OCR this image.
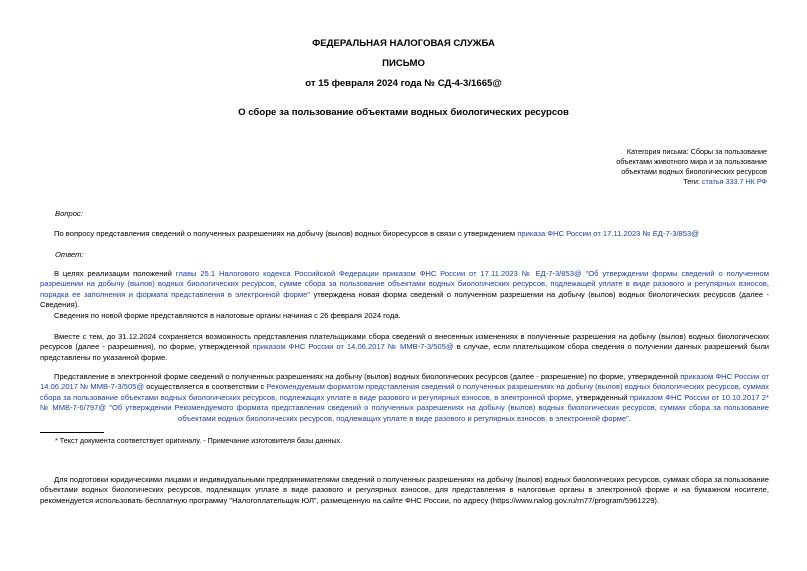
ФЕДЕРАЛЬНАЯ НАЛОГОВАЯ СЛУЖБА
ПИСЬМО
от 15 февраля 2024 года № СД-4-3/1665@
О сборе за пользование объектами водных биологических ресурсов
Категория письма: Сборы за пользование
объектами животного мира и за пользование
объектами водных биологических ресурсов
Теги: статья 333.7 НК РФ
Вопрос:
По вопросу представления сведений о полученных разрешениях на добычу (вылов) водных биоресурсов в связи с утверждением приказа ФНС России от 17.11.2023 № ЕД-7-3/853@
Ответ:
В целях реализации положений главы 25.1 Налогового кодекса Российской Федерации приказом ФНС России от 17.11.2023 № ЕД-7-3/853@ "Об утверждении формы сведений о полученном разрешении на добычу (вылов) водных биологических ресурсов, сумме сбора за пользование объектами водных биологических ресурсов, подлежащей уплате в виде разового и регулярных взносов, порядка ее заполнения и формата представления в электронной форме" утверждена новая форма сведений о полученном разрешении на добычу (вылов) водных биологических ресурсов (далее - Сведения).
Сведения по новой форме представляются в налоговые органы начиная с 26 февраля 2024 года.
Вместе с тем, до 31.12.2024 сохраняется возможность представления плательщиками сбора сведений о внесенных изменениях в полученные разрешения на добычу (вылов) водных биологических ресурсов (далее - разрешения), по форме, утвержденной приказом ФНС России от 14.06.2017 № ММВ-7-3/505@ в случае, если плательщиком сбора сведения о получении данных разрешений были представлены по указанной форме.
Представление в электронной форме сведений о полученных разрешениях на добычу (вылов) водных биологических ресурсов (далее - разрешение) по форме, утвержденной приказом ФНС России от 14.06.2017 № ММВ-7-3/505@ осуществляется в соответствии с Рекомендуемым форматом представления сведений о полученных разрешениях на добычу (вылов) водных биологических ресурсов, суммах сбора за пользование объектами водных биологических ресурсов, подлежащих уплате в виде разового и регулярных взносов, в электронной форме, утвержденный приказом ФНС России от 10.10.2017 2* № ММВ-7-6/797@ "Об утверждении Рекомендуемого формата представления сведений о полученных разрешениях на добычу (вылов) водных биологических ресурсов, суммах сбора за пользование объектами водных биологических ресурсов, подлежащих уплате в виде разового и регулярных взносов, в электронной форме".
* Текст документа соответствует оригиналу. - Примечание изготовителя базы данных.
Для подготовки юридическими лицами и индивидуальными предпринимателями сведений о полученных разрешениях на добычу (вылов) водных биологических ресурсов, суммах сбора за пользование объектами водных биологических ресурсов, подлежащих уплате в виде разового и регулярных взносов, для представления в налоговые органы в электронной форме и на бумажном носителе, рекомендуется использовать бесплатную программу "Налогоплательщик ЮЛ", размещенную на сайте ФНС России, по адресу (https://www.nalog.gov.ru/rn77/program/5961229).
